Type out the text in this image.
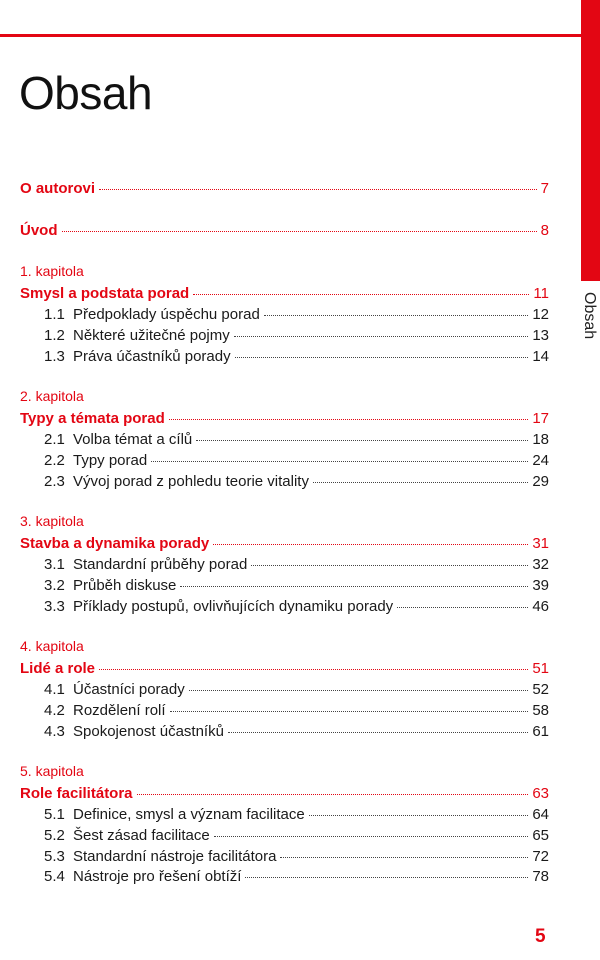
Obsah
Obsah
O autorovi	7
Úvod	8
1. kapitola
Smysl a podstata porad	11
1.1 Předpoklady úspěchu porad	12
1.2 Některé užitečné pojmy	13
1.3 Práva účastníků porady	14
2. kapitola
Typy a témata porad	17
2.1 Volba témat a cílů	18
2.2 Typy porad	24
2.3 Vývoj porad z pohledu teorie vitality	29
3. kapitola
Stavba a dynamika porady	31
3.1 Standardní průběhy porad	32
3.2 Průběh diskuse	39
3.3 Příklady postupů, ovlivňujících dynamiku porady	46
4. kapitola
Lidé a role	51
4.1 Účastníci porady	52
4.2 Rozdělení rolí	58
4.3 Spokojenost účastníků	61
5. kapitola
Role facilitátora	63
5.1 Definice, smysl a význam facilitace	64
5.2 Šest zásad facilitace	65
5.3 Standardní nástroje facilitátora	72
5.4 Nástroje pro řešení obtíží	78
5
